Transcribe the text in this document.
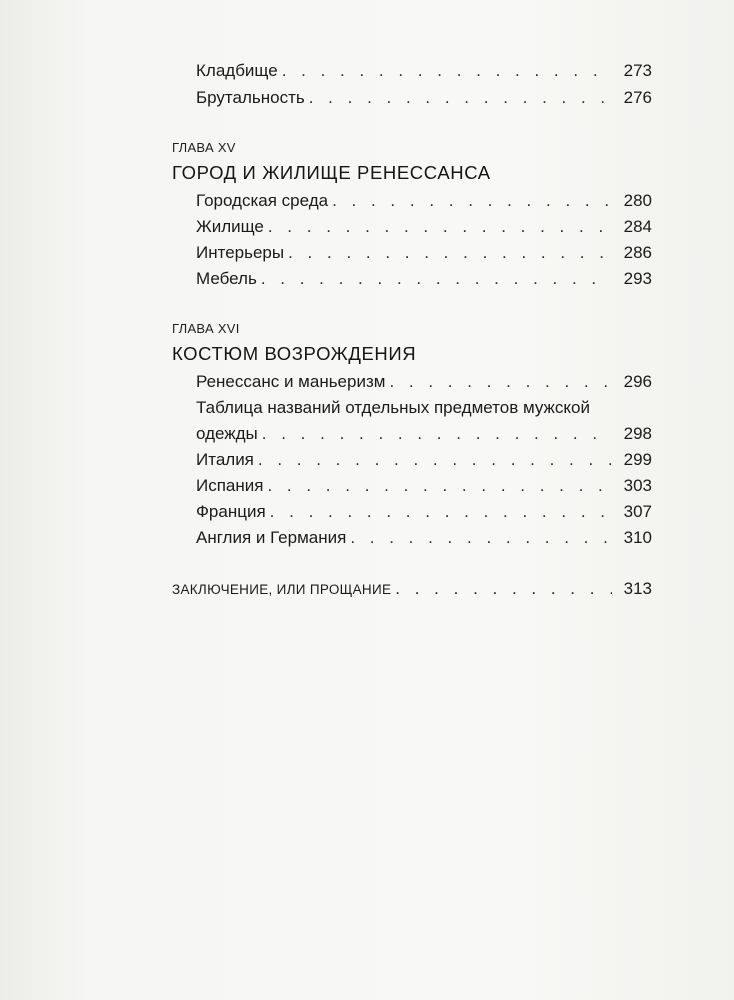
Кладбище . . .	273
Брутальность . . .	276
ГЛАВА XV
ГОРОД И ЖИЛИЩЕ РЕНЕССАНСА
Городская среда . . .	280
Жилище . . .	284
Интерьеры . . .	286
Мебель . . .	293
ГЛАВА XVI
КОСТЮМ ВОЗРОЖДЕНИЯ
Ренессанс и маньеризм . . .	296
Таблица названий отдельных предметов мужской
одежды . . .	298
Италия . . .	299
Испания . . .	303
Франция . . .	307
Англия и Германия . . .	310
ЗАКЛЮЧЕНИЕ, ИЛИ ПРОЩАНИЕ . . .	313
